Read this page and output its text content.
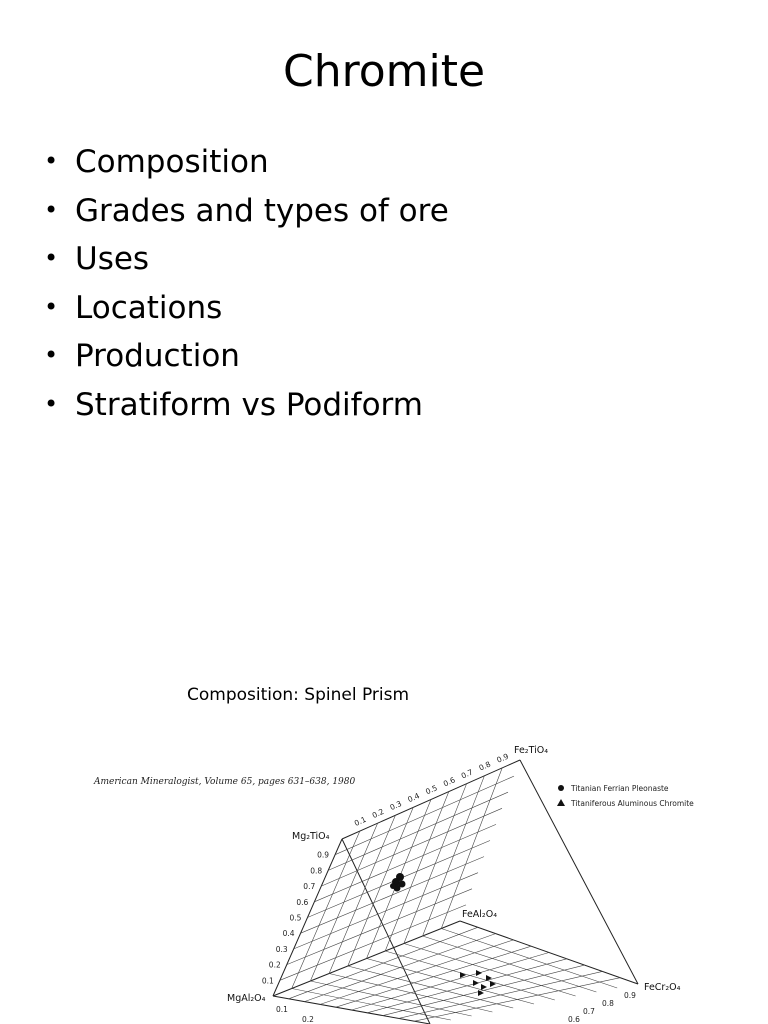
Chromite
• Composition
• Grades and types of ore
• Uses
• Locations
• Production
• Stratiform vs Podiform
Composition: Spinel Prism
American Mineralogist, Volume 65, pages 631–638, 1980
Fe₂TiO₄
Mg₂TiO₄
FeAl₂O₄
FeCr₂O₄
MgAl₂O₄
0.1
0.2
0.3
0.4
0.5
0.6
0.7
0.8
0.9
0.9
0.8
0.7
0.6
0.5
0.4
0.3
0.2
0.1
0.9
0.8
0.7
0.6
0.1
0.2
Titanian Ferrian Pleonaste
Titaniferous Aluminous Chromite
